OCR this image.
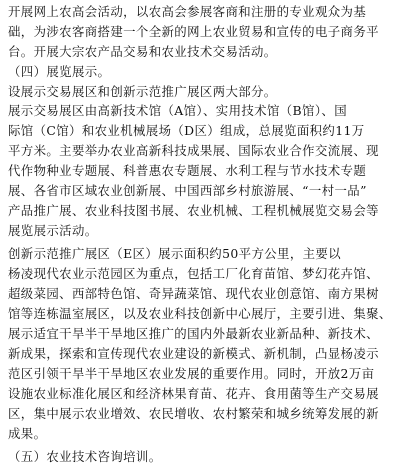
开展网上农高会活动，以农高会参展客商和注册的专业观众为基
础，为涉农客商搭建一个全新的网上农业贸易和宣传的电子商务平
台。开展大宗农产品交易和农业技术交易活动。
（四）展览展示。
设展示交易展区和创新示范推广展区两大部分。
展示交易展区由高新技术馆（A馆）、实用技术馆（B馆）、国
际馆（C馆）和农业机械展场（D区）组成，总展览面积约11万
平方米。主要举办农业高新科技成果展、国际农业合作交流展、现
代作物种业专题展、科普惠农专题展、水利工程与节水技术专题
展、各省市区域农业创新展、中国西部乡村旅游展、“一村一品”
产品推广展、农业科技图书展、农业机械、工程机械展览交易会等
展览展示活动。
创新示范推广展区（E区）展示面积约50平方公里，主要以
杨凌现代农业示范园区为重点，包括工厂化育苗馆、梦幻花卉馆、
超级菜园、西部特色馆、奇异蔬菜馆、现代农业创意馆、南方果树
馆等连栋温室展区，以及农业科技创新中心展厅，主要引进、集聚、
展示适宜干旱半干旱地区推广的国内外最新农业新品种、新技术、
新成果，探索和宣传现代农业建设的新模式、新机制，凸显杨凌示
范区引领干旱半干旱地区农业发展的重要作用。同时，开放2万亩
设施农业标准化展区和经济林果育苗、花卉、食用菌等生产交易展
区，集中展示农业增效、农民增收、农村繁荣和城乡统筹发展的新
成果。
（五）农业技术咨询培训。
